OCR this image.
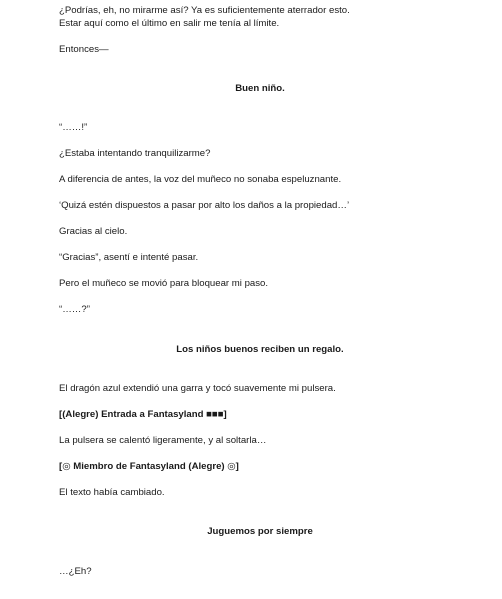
¿Podrías, eh, no mirarme así? Ya es suficientemente aterrador esto.
Estar aquí como el último en salir me tenía al límite.
Entonces—
Buen niño.
“……!”
¿Estaba intentando tranquilizarme?
A diferencia de antes, la voz del muñeco no sonaba espeluznante.
‘Quizá estén dispuestos a pasar por alto los daños a la propiedad…’
Gracias al cielo.
“Gracias”, asentí e intenté pasar.
Pero el muñeco se movió para bloquear mi paso.
“……?”
Los niños buenos reciben un regalo.
El dragón azul extendió una garra y tocó suavemente mi pulsera.
[(Alegre) Entrada a Fantasyland ■■■]
La pulsera se calentó ligeramente, y al soltarla…
[◎ Miembro de Fantasyland (Alegre) ◎]
El texto había cambiado.
Juguemos por siempre
…¿Eh?
